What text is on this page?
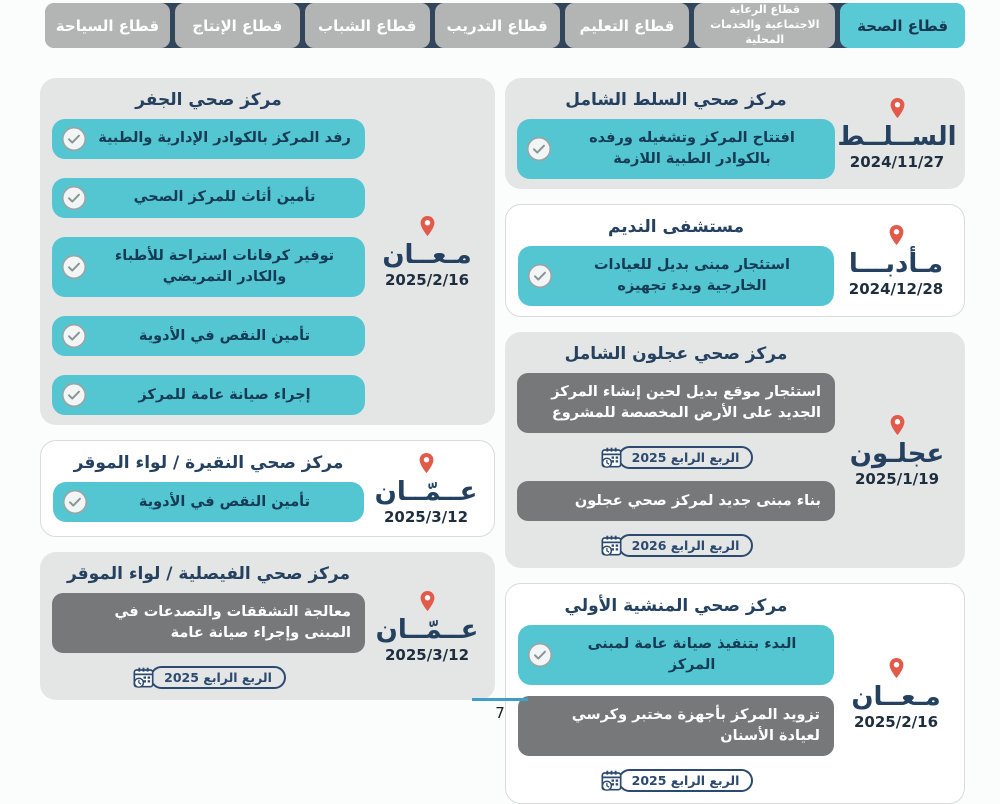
قطاع الصحة
قطاع الرعاية الاجتماعية والخدمات المحلية
قطاع التعليم
قطاع التدريب
قطاع الشباب
قطاع الإنتاج
قطاع السياحة
الســلــط
2024/11/27
مركز صحي السلط الشامل
افتتاح المركز وتشغيله ورفده بالكوادر الطبية اللازمة
مـأدبـــا
2024/12/28
مستشفى النديم
استئجار مبنى بديل للعيادات الخارجية وبدء تجهيزه
عجلـون
2025/1/19
مركز صحي عجلون الشامل
استئجار موقع بديل لحين إنشاء المركز الجديد على الأرض المخصصة للمشروع
الربع الرابع 2025
بناء مبنى جديد لمركز صحي عجلون
الربع الرابع 2026
مـعــان
2025/2/16
مركز صحي المنشية الأولي
البدء بتنفيذ صيانة عامة لمبنى المركز
تزويد المركز بأجهزة مختبر وكرسي لعيادة الأسنان
الربع الرابع 2025
مـعــان
2025/2/16
مركز صحي الجفر
رفد المركز بالكوادر الإدارية والطبية
تأمين أثاث للمركز الصحي
توفير كرفانات استراحة للأطباء والكادر التمريضي
تأمين النقص في الأدوية
إجراء صيانة عامة للمركز
عــمّــان
2025/3/12
مركز صحي النقيرة / لواء الموقر
تأمين النقص في الأدوية
عــمّــان
2025/3/12
مركز صحي الفيصلية / لواء الموقر
معالجة التشققات والتصدعات في المبنى وإجراء صيانة عامة
الربع الرابع 2025
7
